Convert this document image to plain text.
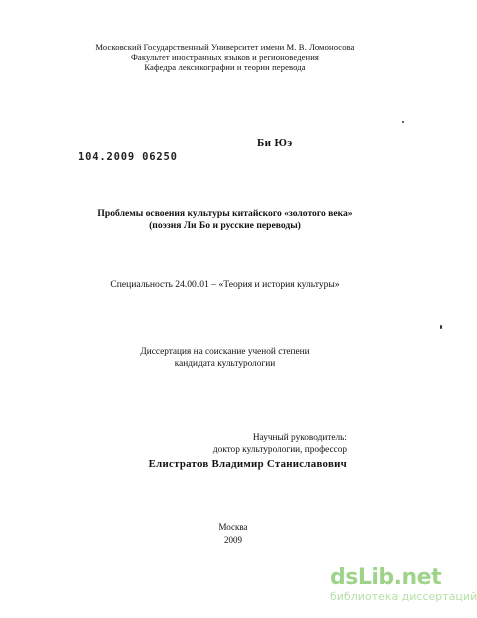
Московский Государственный Университет имени М. В. Ломоносова
Факультет иностранных языков и регионоведения
Кафедра лексикографии и теории перевода
Би Юэ
104.2009 06250
Проблемы освоения культуры китайского «золотого века»
(поэзия Ли Бо и русские переводы)
Специальность 24.00.01 – «Теория и история культуры»
Диссертация на соискание ученой степени
кандидата культурологии
Научный руководитель:
доктор культурологии, профессор
Елистратов Владимир Станиславович
Москва
2009
dsLib.net
библиотека диссертаций
